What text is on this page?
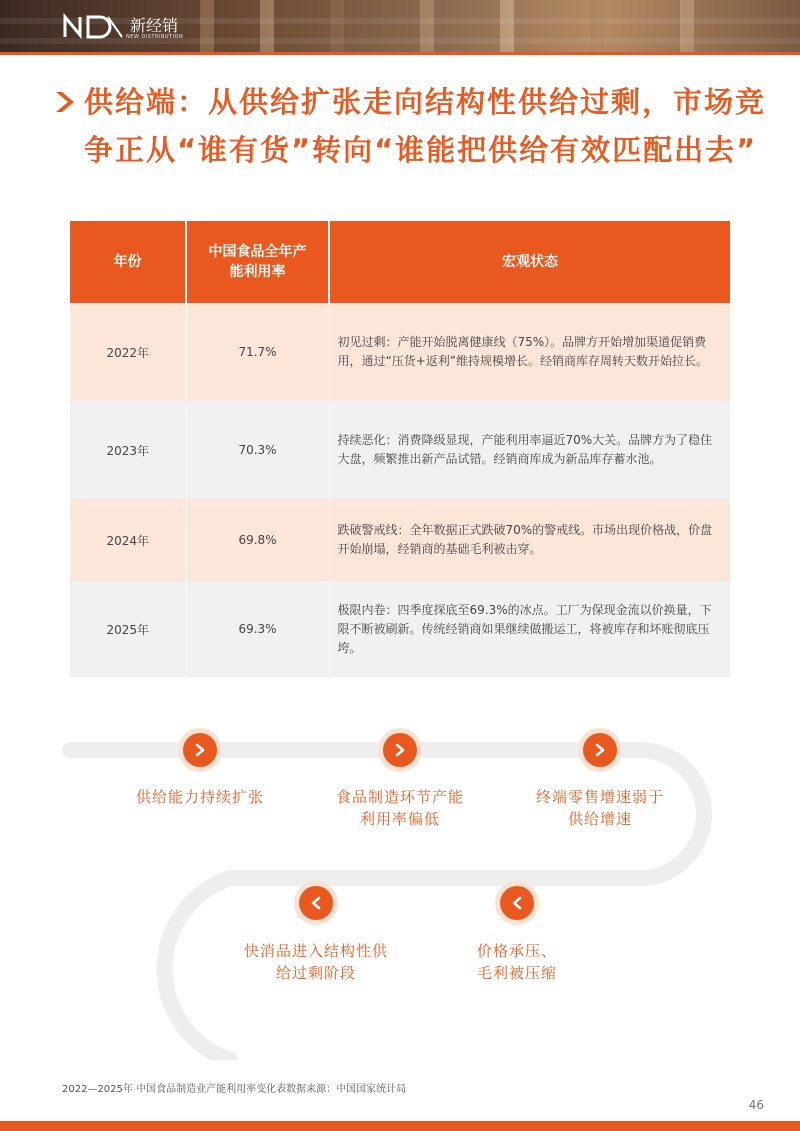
新经销
NEW DISTRIBUTION
供给端：从供给扩张走向结构性供给过剩，市场竞争正从“谁有货”转向“谁能把供给有效匹配出去”
年份	中国食品全年产能利用率	宏观状态
2022年	71.7%	初见过剩：产能开始脱离健康线（75%）。品牌方开始增加渠道促销费用，通过“压货+返利”维持规模增长。经销商库存周转天数开始拉长。
2023年	70.3%	持续恶化：消费降级显现，产能利用率逼近70%大关。品牌方为了稳住大盘，频繁推出新产品试错。经销商库成为新品库存蓄水池。
2024年	69.8%	跌破警戒线：全年数据正式跌破70%的警戒线。市场出现价格战，价盘开始崩塌，经销商的基础毛利被击穿。
2025年	69.3%	极限内卷：四季度探底至69.3%的冰点。工厂为保现金流以价换量，下限不断被刷新。传统经销商如果继续做搬运工，将被库存和坏账彻底压垮。
供给能力持续扩张	食品制造环节产能利用率偏低
终端零售增速弱于供给增速
价格承压、毛利被压缩
快消品进入结构性供给过剩阶段
2022—2025年 中国食品制造业产能利用率变化表数据来源：中国国家统计局
46
